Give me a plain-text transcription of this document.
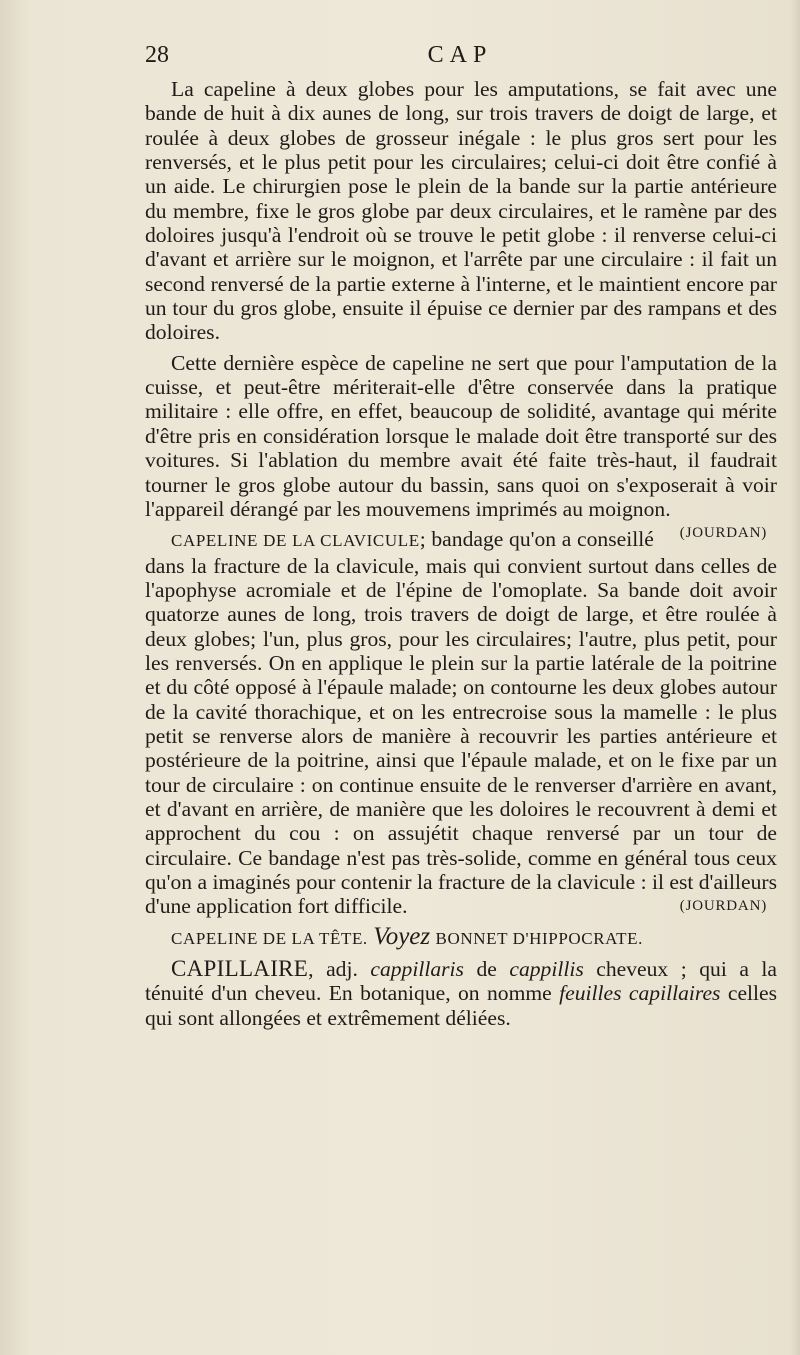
28	CAP

La capeline à deux globes pour les amputations, se fait avec une bande de huit à dix aunes de long, sur trois travers de doigt de large, et roulée à deux globes de grosseur inégale : le plus gros sert pour les renversés, et le plus petit pour les circulaires; celui-ci doit être confié à un aide. Le chirurgien pose le plein de la bande sur la partie antérieure du membre, fixe le gros globe par deux circulaires, et le ramène par des doloires jusqu'à l'endroit où se trouve le petit globe : il renverse celui-ci d'avant et arrière sur le moignon, et l'arrête par une circulaire : il fait un second renversé de la partie externe à l'interne, et le maintient encore par un tour du gros globe, ensuite il épuise ce dernier par des rampans et des doloires.

Cette dernière espèce de capeline ne sert que pour l'amputation de la cuisse, et peut-être mériterait-elle d'être conservée dans la pratique militaire : elle offre, en effet, beaucoup de solidité, avantage qui mérite d'être pris en considération lorsque le malade doit être transporté sur des voitures. Si l'ablation du membre avait été faite très-haut, il faudrait tourner le gros globe autour du bassin, sans quoi on s'exposerait à voir l'appareil dérangé par les mouvemens imprimés au moignon.
(JOURDAN)

CAPELINE DE LA CLAVICULE; bandage qu'on a conseillé dans la fracture de la clavicule, mais qui convient surtout dans celles de l'apophyse acromiale et de l'épine de l'omoplate. Sa bande doit avoir quatorze aunes de long, trois travers de doigt de large, et être roulée à deux globes; l'un, plus gros, pour les circulaires; l'autre, plus petit, pour les renversés. On en applique le plein sur la partie latérale de la poitrine et du côté opposé à l'épaule malade; on contourne les deux globes autour de la cavité thorachique, et on les entrecroise sous la mamelle : le plus petit se renverse alors de manière à recouvrir les parties antérieure et postérieure de la poitrine, ainsi que l'épaule malade, et on le fixe par un tour de circulaire : on continue ensuite de le renverser d'arrière en avant, et d'avant en arrière, de manière que les doloires le recouvrent à demi et approchent du cou : on assujétit chaque renversé par un tour de circulaire. Ce bandage n'est pas très-solide, comme en général tous ceux qu'on a imaginés pour contenir la fracture de la clavicule : il est d'ailleurs d'une application fort difficile.	(JOURDAN)

CAPELINE DE LA TÊTE. Voyez BONNET D'HIPPOCRATE.

CAPILLAIRE, adj. cappillaris de cappillis cheveux ; qui a la ténuité d'un cheveu. En botanique, on nomme feuilles capillaires celles qui sont allongées et extrêmement déliées.
